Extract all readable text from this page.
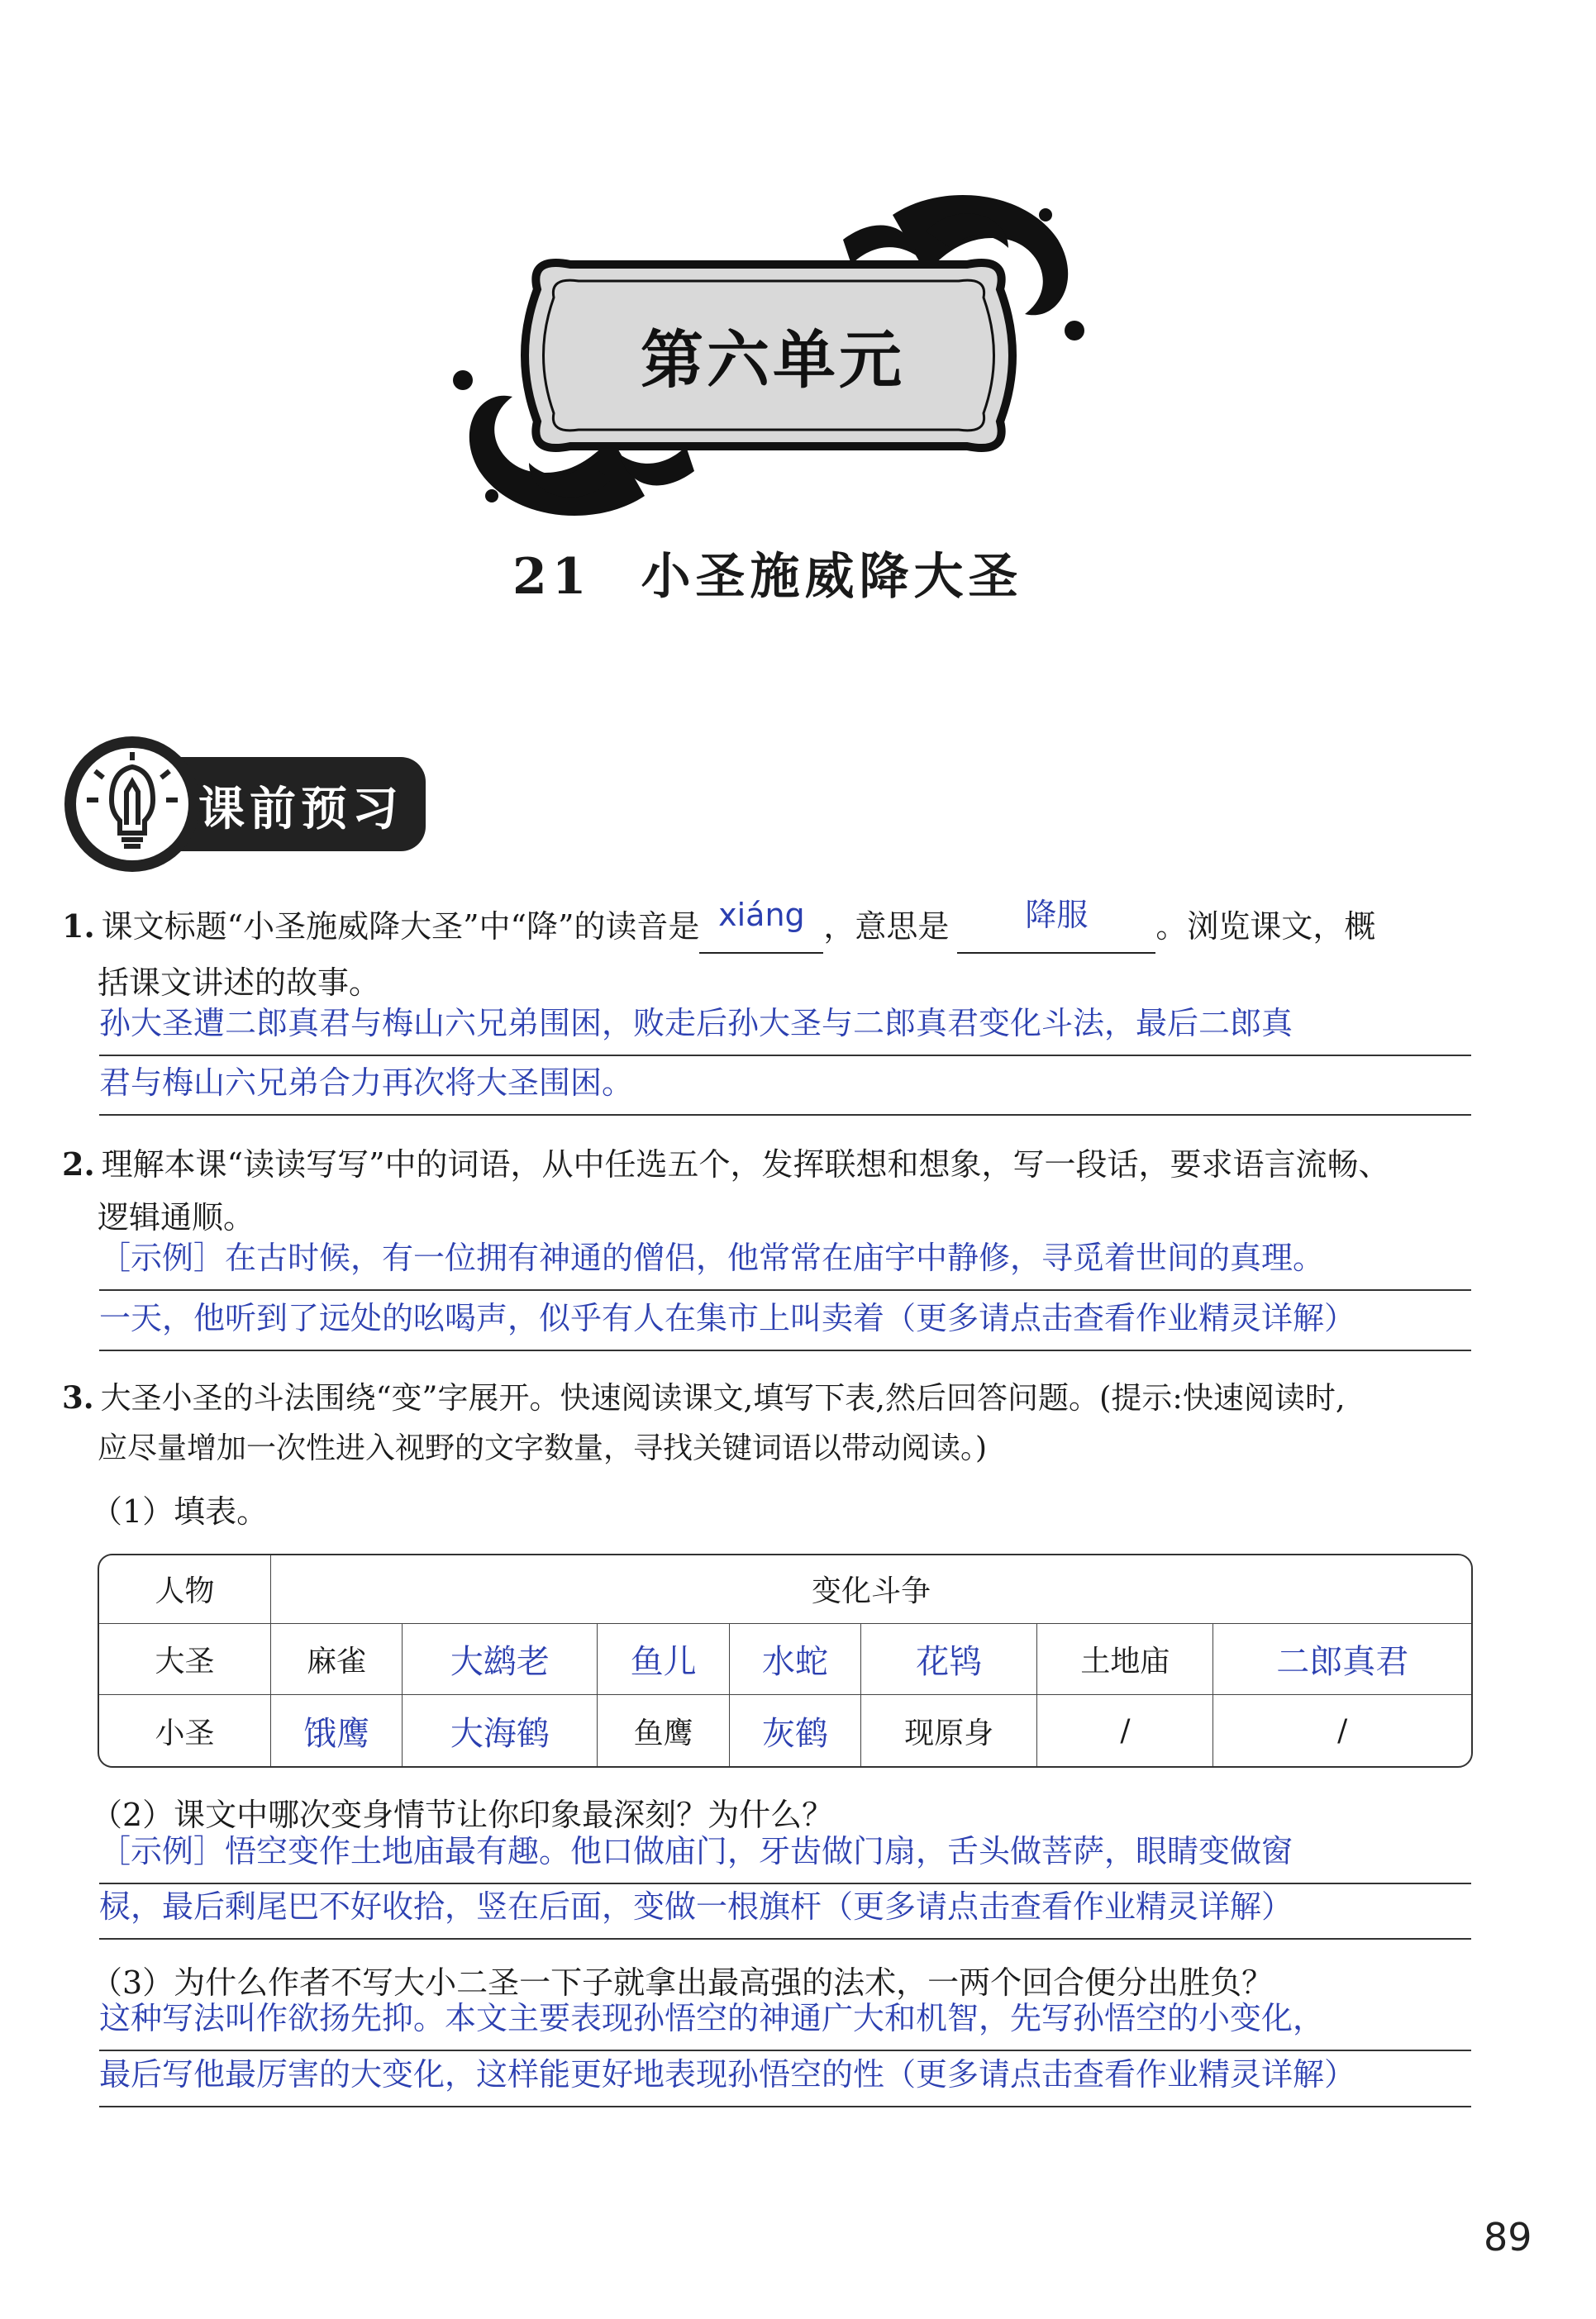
第六单元
21 小圣施威降大圣
课前预习
1. 课文标题“小圣施威降大圣”中“降”的读音是 xiáng ，意思是 降服 。浏览课文，概
括课文讲述的故事。
孙大圣遭二郎真君与梅山六兄弟围困，败走后孙大圣与二郎真君变化斗法，最后二郎真
君与梅山六兄弟合力再次将大圣围困。
2. 理解本课“读读写写”中的词语，从中任选五个，发挥联想和想象，写一段话，要求语言流畅、
逻辑通顺。
［示例］在古时候，有一位拥有神通的僧侣，他常常在庙宇中静修，寻觅着世间的真理。
一天，他听到了远处的吆喝声，似乎有人在集市上叫卖着（更多请点击查看作业精灵详解）
3. 大圣小圣的斗法围绕“变”字展开。快速阅读课文,填写下表,然后回答问题。(提示:快速阅读时,
应尽量增加一次性进入视野的文字数量，寻找关键词语以带动阅读。)
（1）填表。
人物	变化斗争						
大圣	麻雀	大鹚老	鱼儿	水蛇	花鸨	土地庙	二郎真君
小圣	饿鹰	大海鹤	鱼鹰	灰鹤	现原身	/	/
（2）课文中哪次变身情节让你印象最深刻？为什么？
［示例］悟空变作土地庙最有趣。他口做庙门，牙齿做门扇，舌头做菩萨，眼睛变做窗
棂，最后剩尾巴不好收拾，竖在后面，变做一根旗杆（更多请点击查看作业精灵详解）
（3）为什么作者不写大小二圣一下子就拿出最高强的法术，一两个回合便分出胜负？
这种写法叫作欲扬先抑。本文主要表现孙悟空的神通广大和机智，先写孙悟空的小变化，
最后写他最厉害的大变化，这样能更好地表现孙悟空的性（更多请点击查看作业精灵详解）
89
